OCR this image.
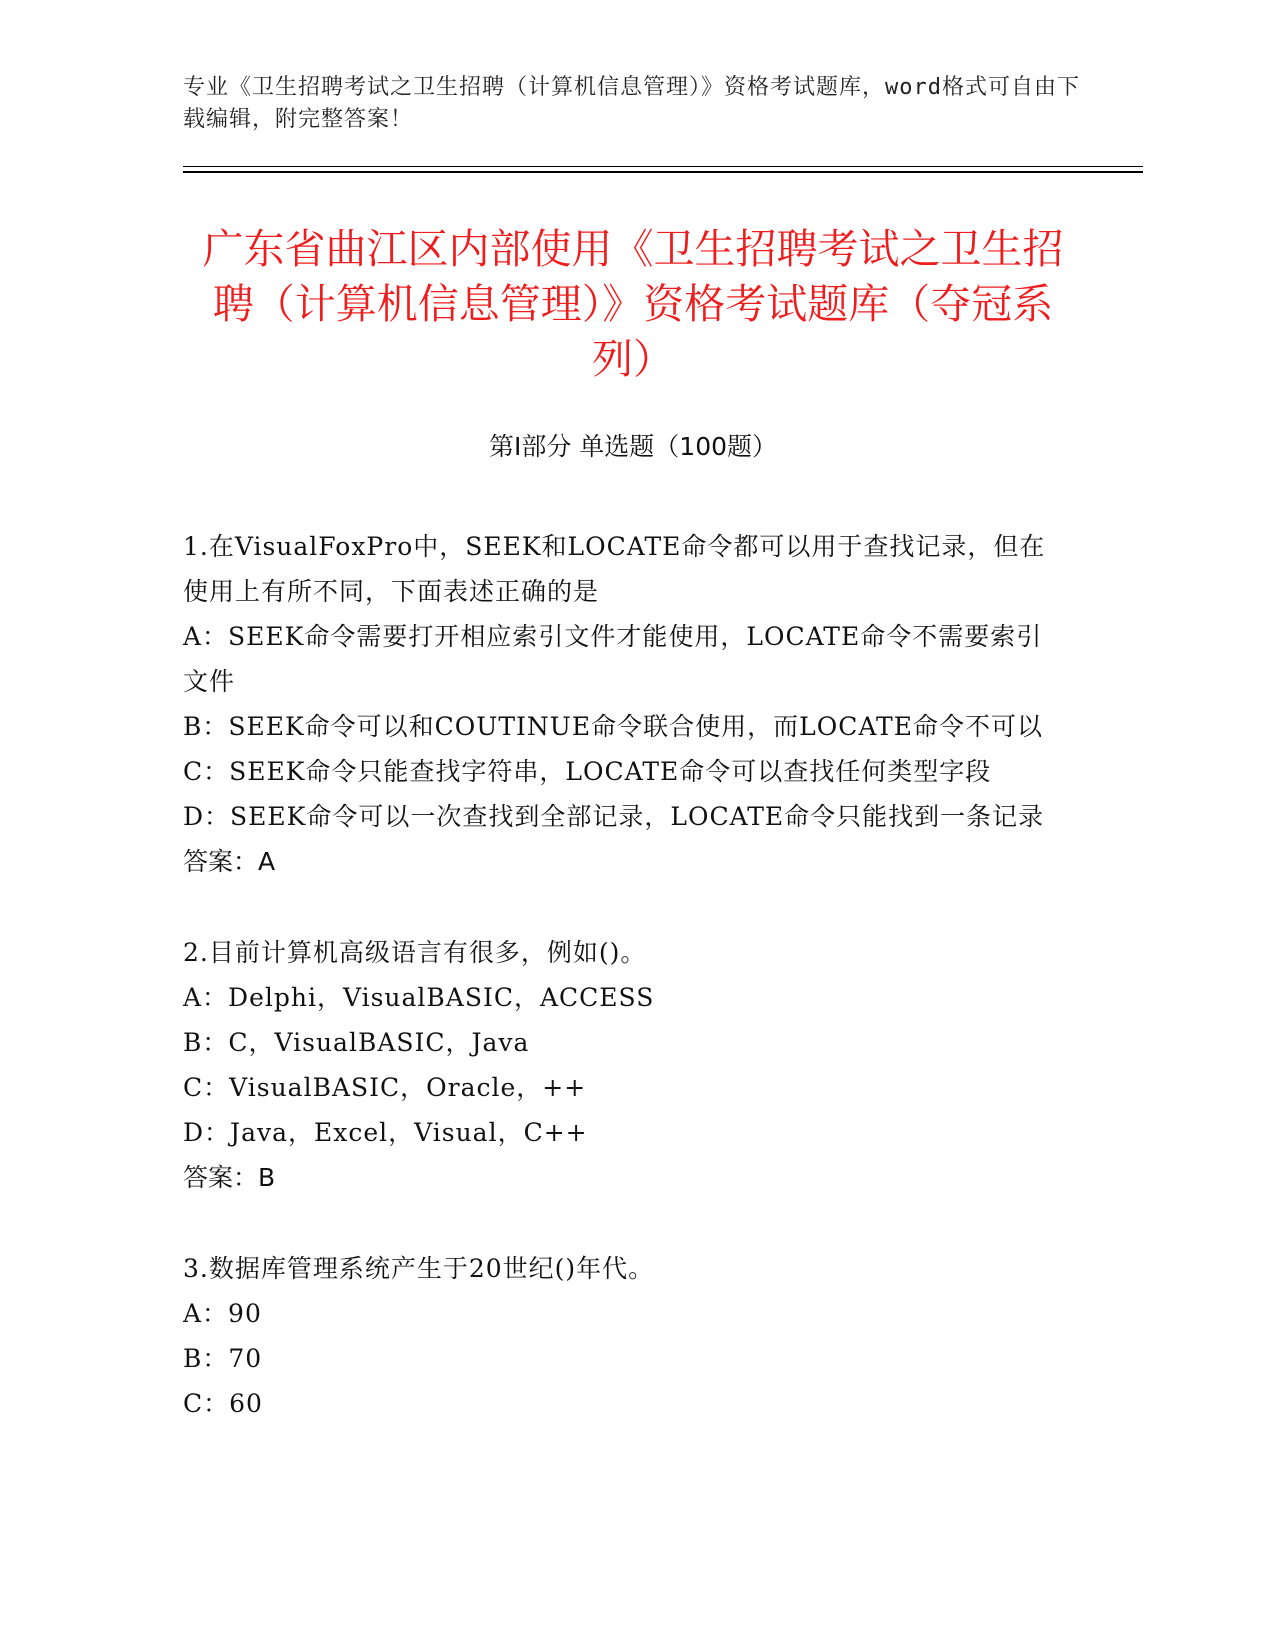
专业《卫生招聘考试之卫生招聘（计算机信息管理）》资格考试题库，word格式可自由下载编辑，附完整答案！
广东省曲江区内部使用《卫生招聘考试之卫生招聘（计算机信息管理）》资格考试题库（夺冠系列）
第I部分 单选题（100题）
1.在VisualFoxPro中，SEEK和LOCATE命令都可以用于查找记录，但在使用上有所不同，下面表述正确的是
A：SEEK命令需要打开相应索引文件才能使用，LOCATE命令不需要索引文件
B：SEEK命令可以和COUTINUE命令联合使用，而LOCATE命令不可以
C：SEEK命令只能查找字符串，LOCATE命令可以查找任何类型字段
D：SEEK命令可以一次查找到全部记录，LOCATE命令只能找到一条记录
答案：A
2.目前计算机高级语言有很多，例如()。
A：Delphi，VisualBASIC，ACCESS
B：C，VisualBASIC，Java
C：VisualBASIC，Oracle，++
D：Java，Excel，Visual，C++
答案：B
3.数据库管理系统产生于20世纪()年代。
A：90
B：70
C：60
